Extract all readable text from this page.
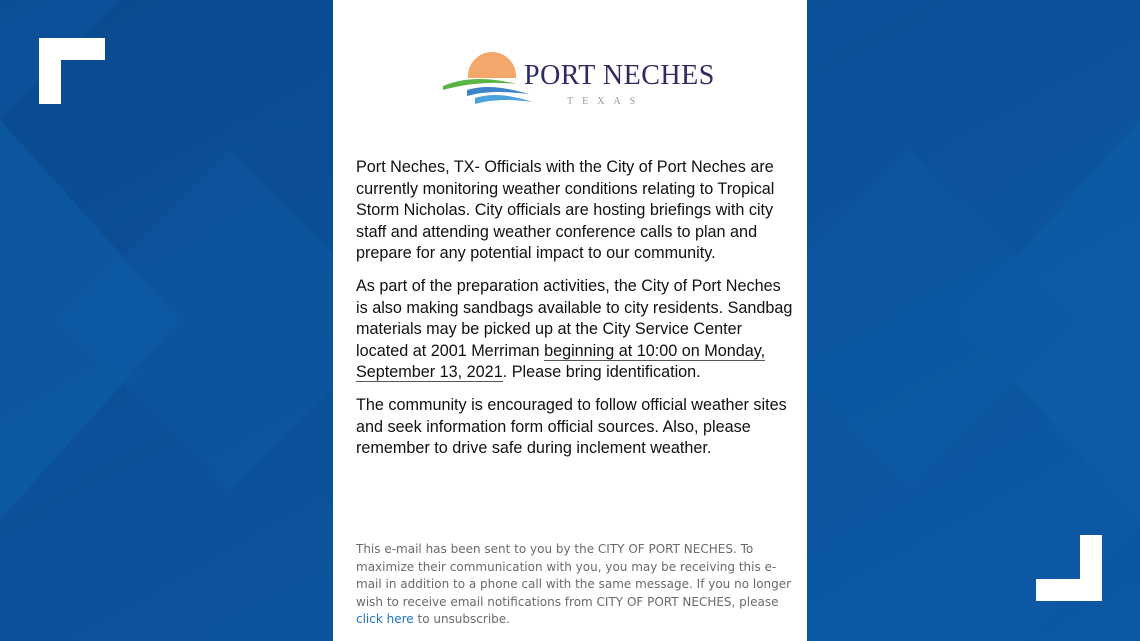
PORT NECHES
TEXAS

Port Neches, TX- Officials with the City of Port Neches are currently monitoring weather conditions relating to Tropical Storm Nicholas. City officials are hosting briefings with city staff and attending weather conference calls to plan and prepare for any potential impact to our community.

As part of the preparation activities, the City of Port Neches is also making sandbags available to city residents. Sandbag materials may be picked up at the City Service Center located at 2001 Merriman beginning at 10:00 on Monday, September 13, 2021. Please bring identification.

The community is encouraged to follow official weather sites and seek information form official sources. Also, please remember to drive safe during inclement weather.

This e-mail has been sent to you by the CITY OF PORT NECHES. To maximize their communication with you, you may be receiving this e-mail in addition to a phone call with the same message. If you no longer wish to receive email notifications from CITY OF PORT NECHES, please click here to unsubscribe.
